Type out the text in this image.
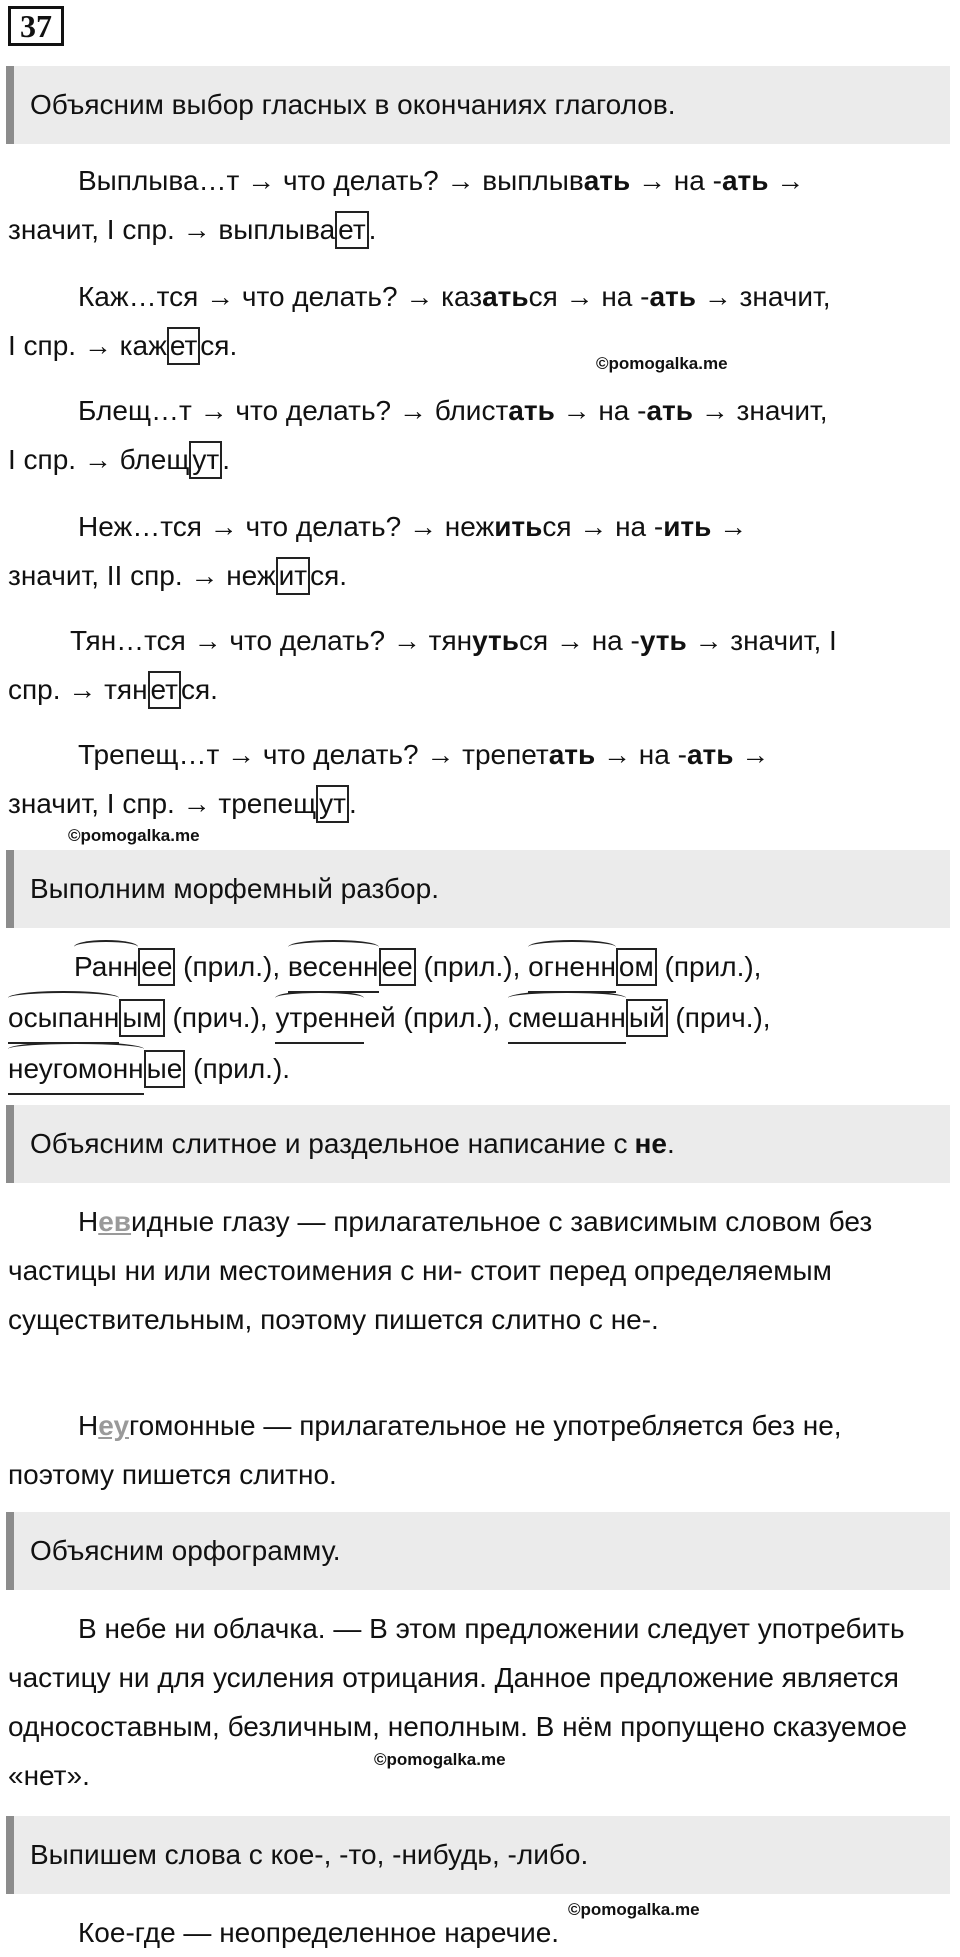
37
Объясним выбор гласных в окончаниях глаголов.

Выплыва…т → что делать? → выплывать → на -ать →
значит, I спр. → выплыва ет .

Каж…тся → что делать? → казаться → на -ать → значит,
I спр. → каж ет ся.

©pomogalka.me

Блещ…т → что делать? → блистать → на -ать → значит,
I спр. → блещ ут .

Неж…тся → что делать? → нежиться → на -ить →
значит, II спр. → неж ит ся.

Тян…тся → что делать? → тянуться → на -уть → значит, I
спр. → тян ет ся.

Трепещ…т → что делать? → трепетать → на -ать →
значит, I спр. → трепещ ут .

©pomogalka.me
Выполним морфемный разбор.

Ранн ее (прил.), весенн ее (прил.), огненн ом (прил.),
осыпанн ым (прич.), утренней (прил.), смешанн ый (прич.),
неугомонн ые (прил.).

Объясним слитное и раздельное написание с не .

Невидные глазу — прилагательное с зависимым словом без частицы ни или местоимения с ни- стоит перед определяемым существительным, поэтому пишется слитно с не-.

Неугомонные — прилагательное не употребляется без не, поэтому пишется слитно.

Объясним орфограмму.

В небе ни облачка. — В этом предложении следует употребить частицу ни для усиления отрицания. Данное предложение является односоставным, безличным, неполным. В нём пропущено сказуемое «нет».

©pomogalka.me
Выпишем слова с кое-, -то, -нибудь, -либо.
©pomogalka.me

Кое-где — неопределенное наречие.
